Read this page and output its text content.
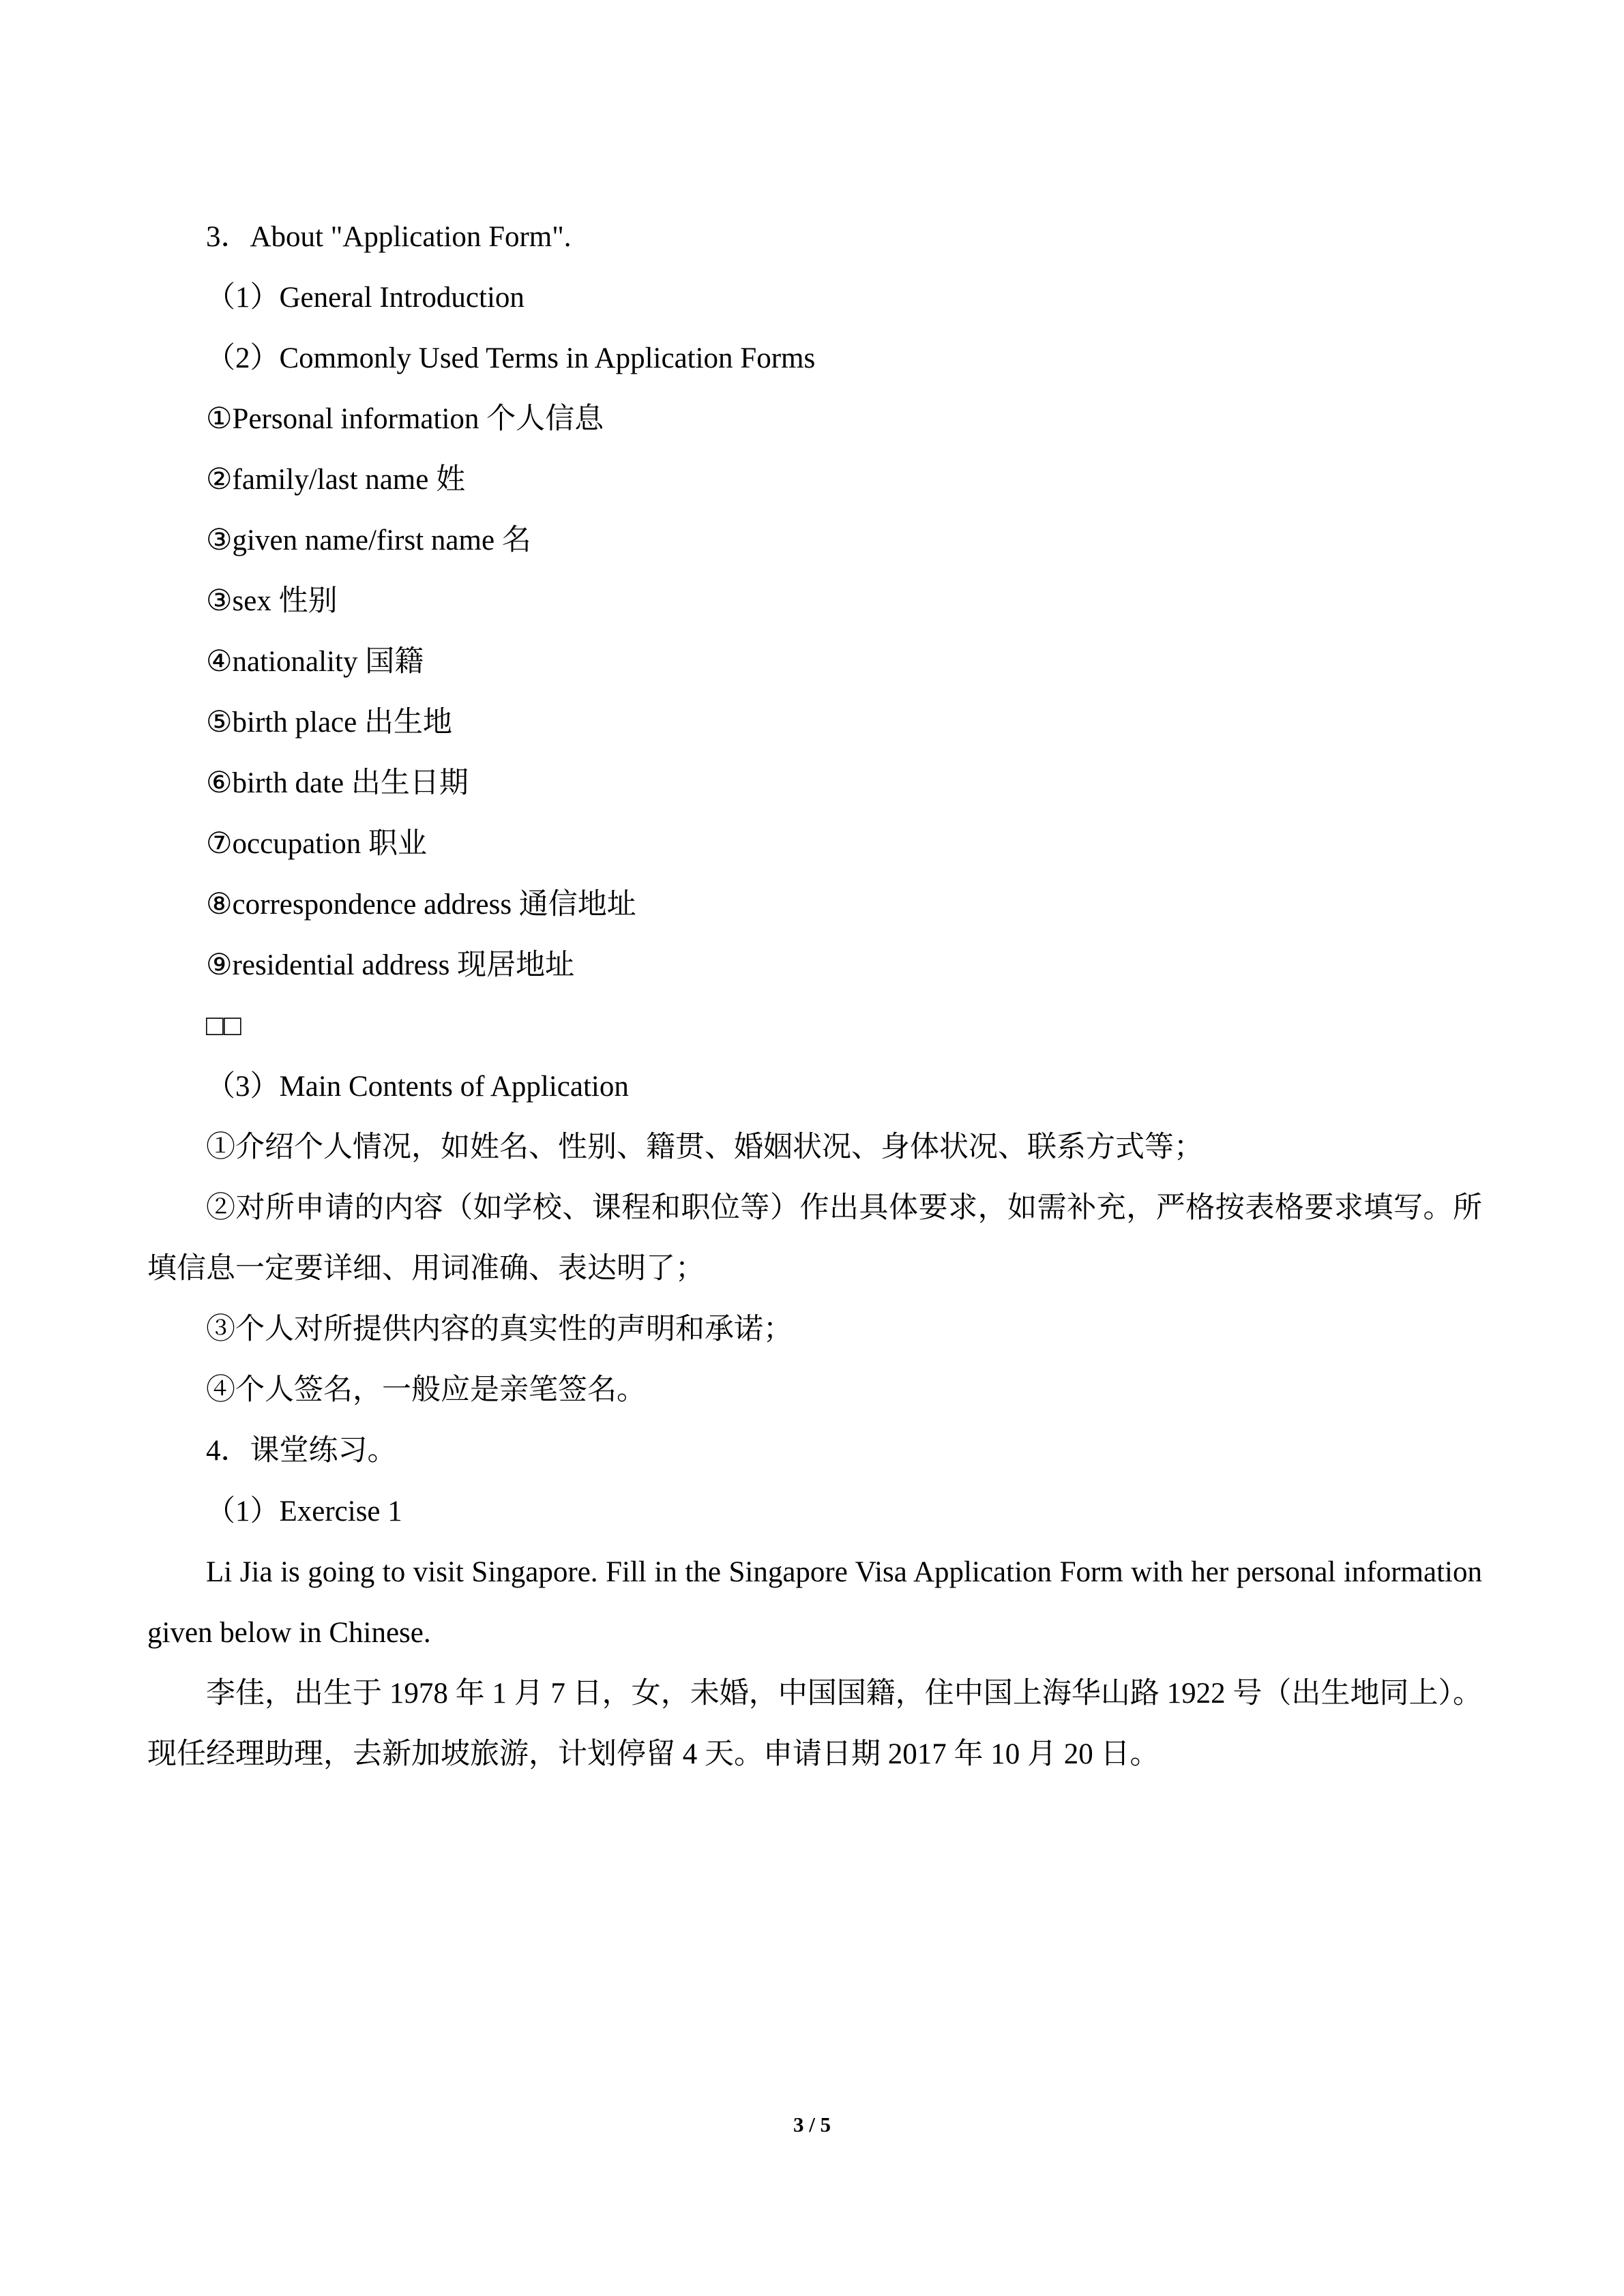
3．About "Application Form".

（1）General Introduction

（2）Commonly Used Terms in Application Forms

①Personal information 个人信息

②family/last name 姓

③given name/first name 名

③sex 性别

④nationality 国籍

⑤birth place 出生地

⑥birth date 出生日期

⑦occupation 职业

⑧correspondence address 通信地址

⑨residential address 现居地址

□□

（3）Main Contents of Application

①介绍个人情况，如姓名、性别、籍贯、婚姻状况、身体状况、联系方式等；

②对所申请的内容（如学校、课程和职位等）作出具体要求，如需补充，严格按表格要求填写。所填信息一定要详细、用词准确、表达明了；

③个人对所提供内容的真实性的声明和承诺；

④个人签名，一般应是亲笔签名。

4．课堂练习。

（1）Exercise 1

Li Jia is going to visit Singapore. Fill in the Singapore Visa Application Form with her personal information given below in Chinese.

李佳，出生于 1978 年 1 月 7 日，女，未婚，中国国籍，住中国上海华山路 1922 号（出生地同上）。现任经理助理，去新加坡旅游，计划停留 4 天。申请日期 2017 年 10 月 20 日。

3 / 5
